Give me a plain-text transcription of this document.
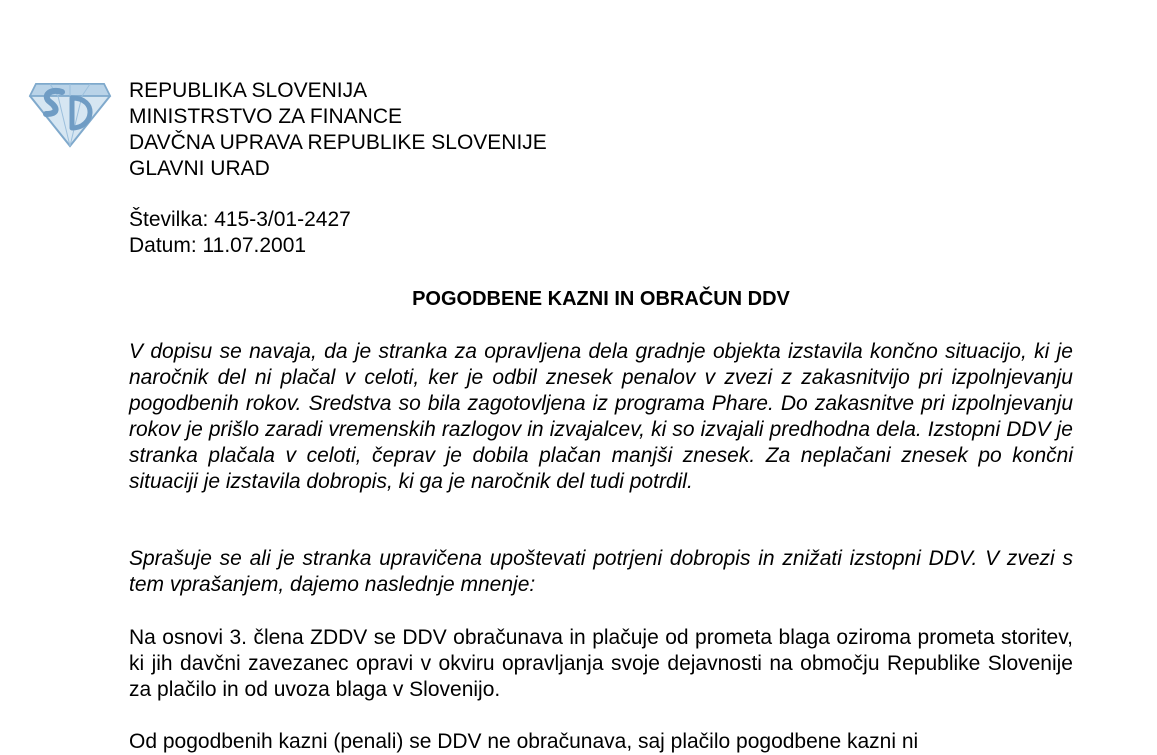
REPUBLIKA SLOVENIJA
MINISTRSTVO ZA FINANCE
DAVČNA UPRAVA REPUBLIKE SLOVENIJE
GLAVNI URAD
Številka: 415-3/01-2427
Datum: 11.07.2001
POGODBENE KAZNI IN OBRAČUN DDV

V dopisu se navaja, da je stranka za opravljena dela gradnje objekta izstavila končno situacijo, ki je naročnik del ni plačal v celoti, ker je odbil znesek penalov v zvezi z zakasnitvijo pri izpolnjevanju pogodbenih rokov. Sredstva so bila zagotovljena iz programa Phare. Do zakasnitve pri izpolnjevanju rokov je prišlo zaradi vremenskih razlogov in izvajalcev, ki so izvajali predhodna dela. Izstopni DDV je stranka plačala v celoti, čeprav je dobila plačan manjši znesek. Za neplačani znesek po končni situaciji je izstavila dobropis, ki ga je naročnik del tudi potrdil.

Sprašuje se ali je stranka upravičena upoštevati potrjeni dobropis in znižati izstopni DDV. V zvezi s tem vprašanjem, dajemo naslednje mnenje:

Na osnovi 3. člena ZDDV se DDV obračunava in plačuje od prometa blaga oziroma prometa storitev, ki jih davčni zavezanec opravi v okviru opravljanja svoje dejavnosti na območju Republike Slovenije za plačilo in od uvoza blaga v Slovenijo.

Od pogodbenih kazni (penali) se DDV ne obračunava, saj plačilo pogodbene kazni ni
